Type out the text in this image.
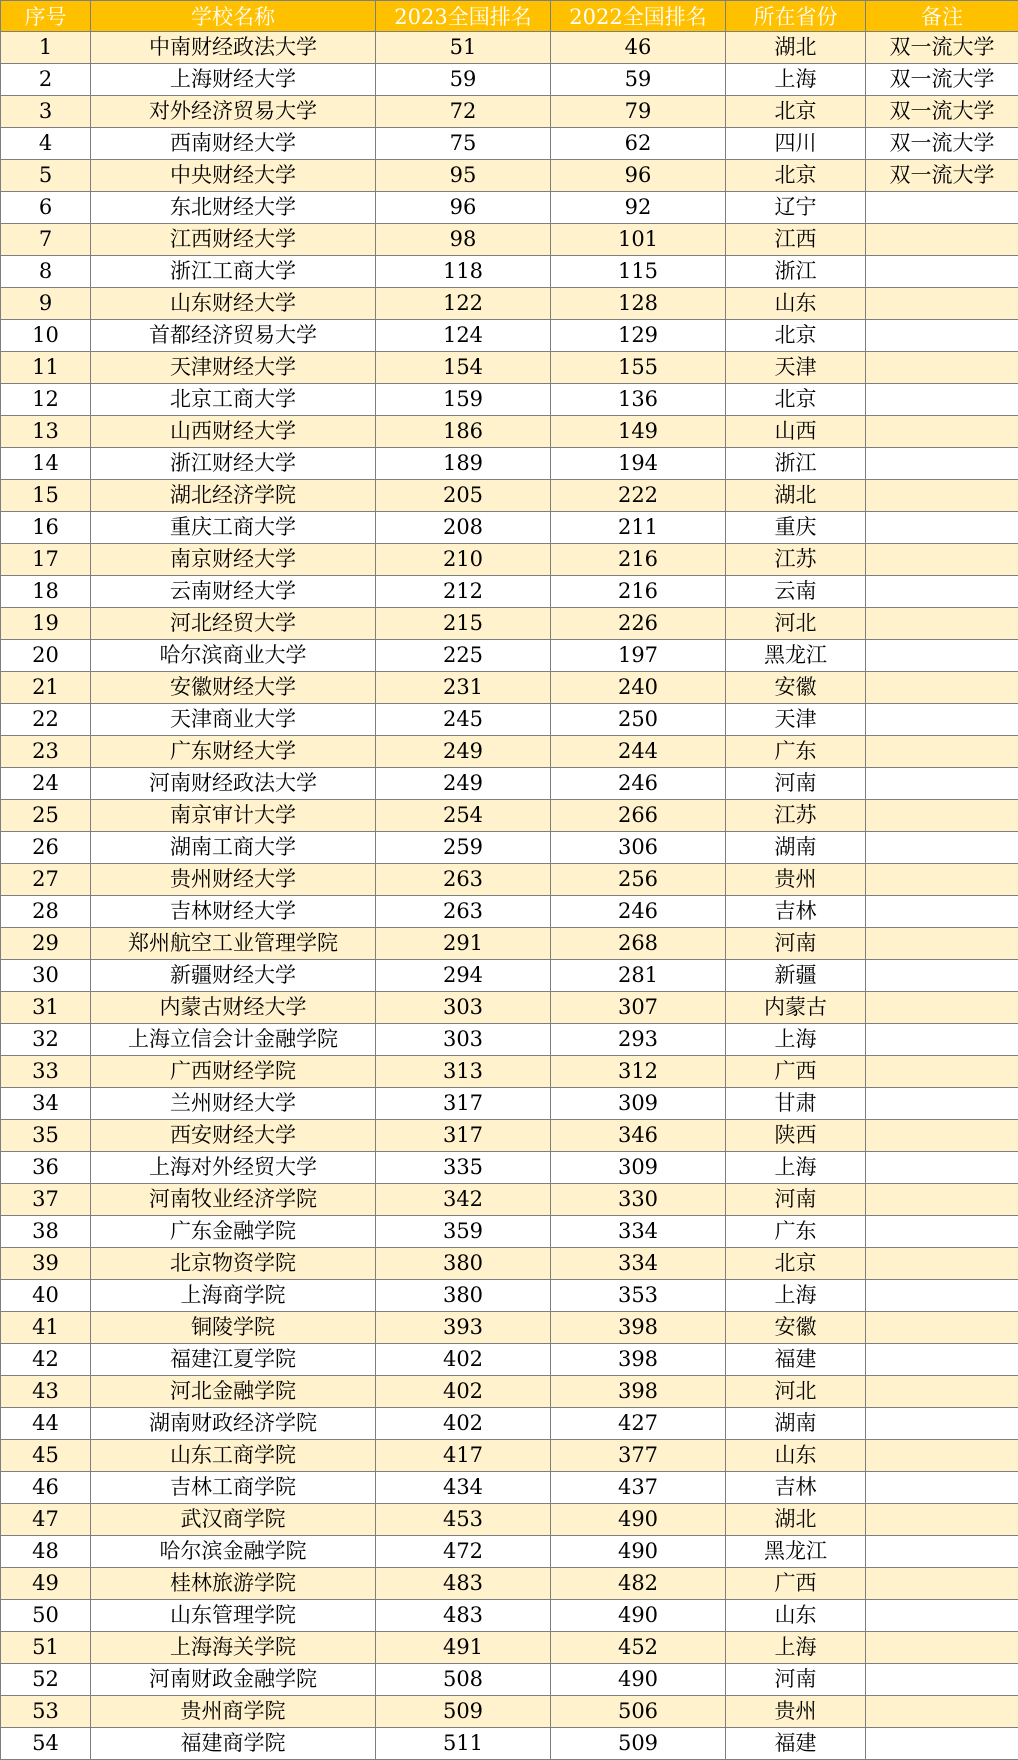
序号	学校名称	2023全国排名	2022全国排名	所在省份	备注
1	中南财经政法大学	51	46	湖北	双一流大学
2	上海财经大学	59	59	上海	双一流大学
3	对外经济贸易大学	72	79	北京	双一流大学
4	西南财经大学	75	62	四川	双一流大学
5	中央财经大学	95	96	北京	双一流大学
6	东北财经大学	96	92	辽宁	
7	江西财经大学	98	101	江西	
8	浙江工商大学	118	115	浙江	
9	山东财经大学	122	128	山东	
10	首都经济贸易大学	124	129	北京	
11	天津财经大学	154	155	天津	
12	北京工商大学	159	136	北京	
13	山西财经大学	186	149	山西	
14	浙江财经大学	189	194	浙江	
15	湖北经济学院	205	222	湖北	
16	重庆工商大学	208	211	重庆	
17	南京财经大学	210	216	江苏	
18	云南财经大学	212	216	云南	
19	河北经贸大学	215	226	河北	
20	哈尔滨商业大学	225	197	黑龙江	
21	安徽财经大学	231	240	安徽	
22	天津商业大学	245	250	天津	
23	广东财经大学	249	244	广东	
24	河南财经政法大学	249	246	河南	
25	南京审计大学	254	266	江苏	
26	湖南工商大学	259	306	湖南	
27	贵州财经大学	263	256	贵州	
28	吉林财经大学	263	246	吉林	
29	郑州航空工业管理学院	291	268	河南	
30	新疆财经大学	294	281	新疆	
31	内蒙古财经大学	303	307	内蒙古	
32	上海立信会计金融学院	303	293	上海	
33	广西财经学院	313	312	广西	
34	兰州财经大学	317	309	甘肃	
35	西安财经大学	317	346	陕西	
36	上海对外经贸大学	335	309	上海	
37	河南牧业经济学院	342	330	河南	
38	广东金融学院	359	334	广东	
39	北京物资学院	380	334	北京	
40	上海商学院	380	353	上海	
41	铜陵学院	393	398	安徽	
42	福建江夏学院	402	398	福建	
43	河北金融学院	402	398	河北	
44	湖南财政经济学院	402	427	湖南	
45	山东工商学院	417	377	山东	
46	吉林工商学院	434	437	吉林	
47	武汉商学院	453	490	湖北	
48	哈尔滨金融学院	472	490	黑龙江	
49	桂林旅游学院	483	482	广西	
50	山东管理学院	483	490	山东	
51	上海海关学院	491	452	上海	
52	河南财政金融学院	508	490	河南	
53	贵州商学院	509	506	贵州	
54	福建商学院	511	509	福建	
